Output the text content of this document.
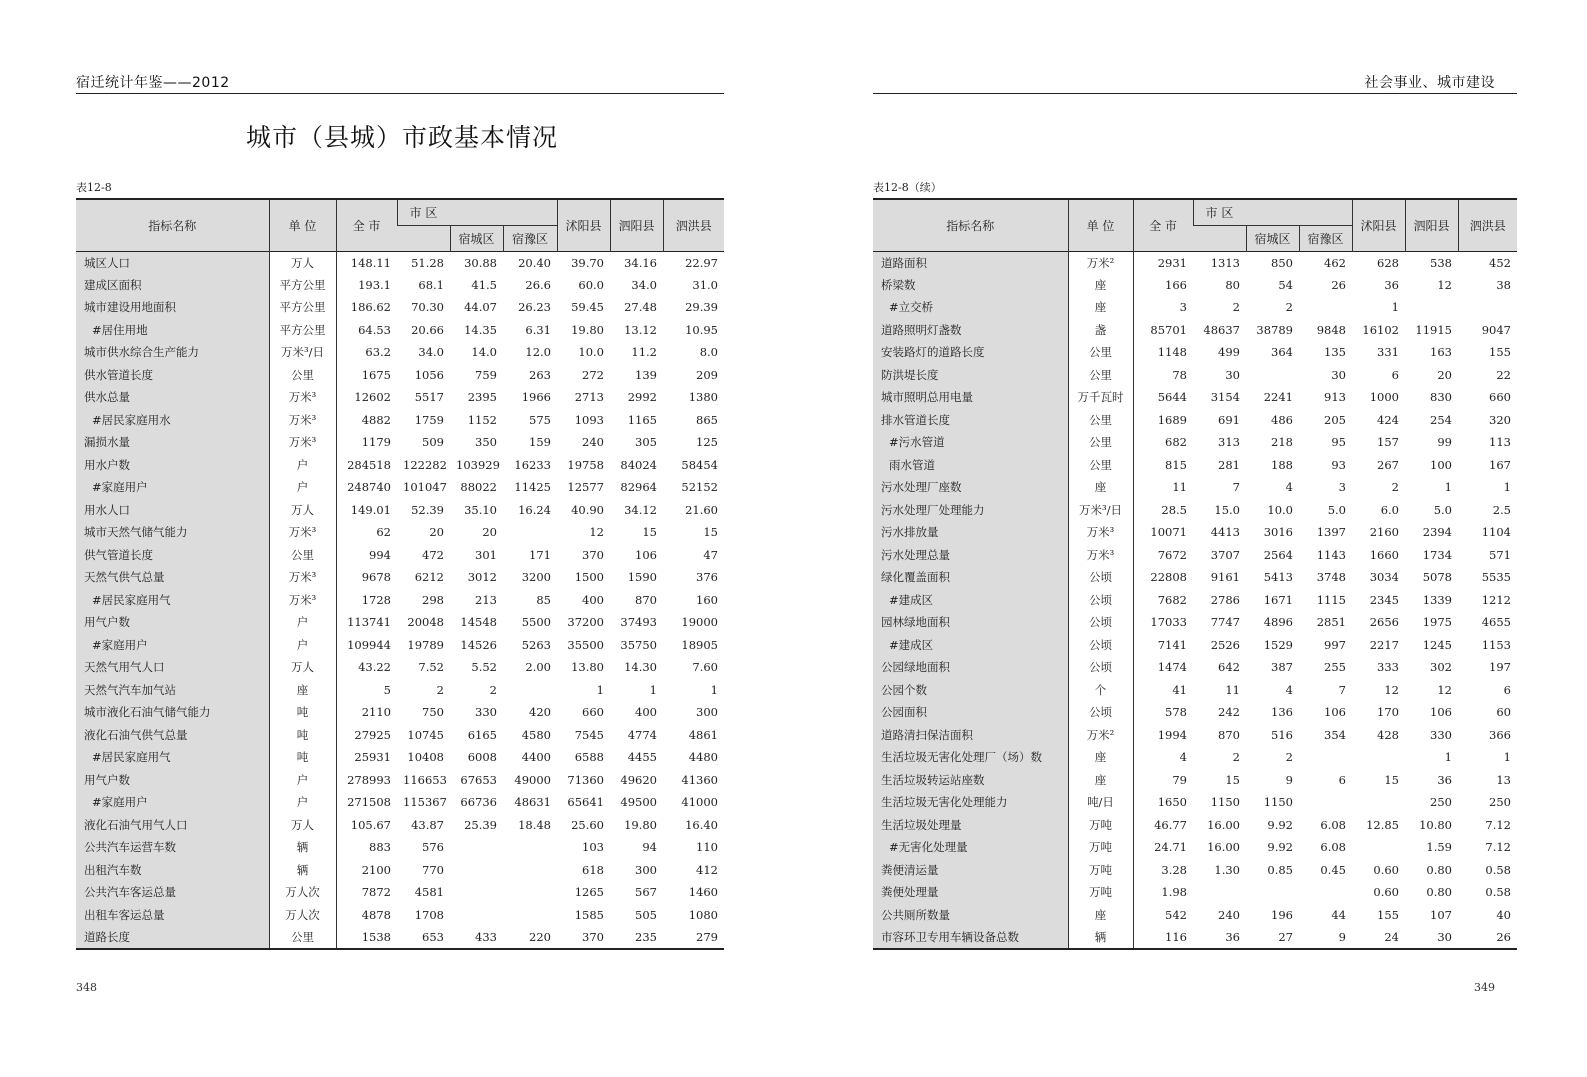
宿迁统计年鉴——2012
城市（县城）市政基本情况
表12-8
指标名称	单 位	全 市	市 区			沭阳县	泗阳县	泗洪县
				宿城区	宿豫区			
城区人口	万人	148.11	51.28	30.88	20.40	39.70	34.16	22.97
建成区面积	平方公里	193.1	68.1	41.5	26.6	60.0	34.0	31.0
城市建设用地面积	平方公里	186.62	70.30	44.07	26.23	59.45	27.48	29.39
#居住用地	平方公里	64.53	20.66	14.35	6.31	19.80	13.12	10.95
城市供水综合生产能力	万米³/日	63.2	34.0	14.0	12.0	10.0	11.2	8.0
供水管道长度	公里	1675	1056	759	263	272	139	209
供水总量	万米³	12602	5517	2395	1966	2713	2992	1380
#居民家庭用水	万米³	4882	1759	1152	575	1093	1165	865
漏损水量	万米³	1179	509	350	159	240	305	125
用水户数	户	284518	122282	103929	16233	19758	84024	58454
#家庭用户	户	248740	101047	88022	11425	12577	82964	52152
用水人口	万人	149.01	52.39	35.10	16.24	40.90	34.12	21.60
城市天然气储气能力	万米³	62	20	20		12	15	15
供气管道长度	公里	994	472	301	171	370	106	47
天然气供气总量	万米³	9678	6212	3012	3200	1500	1590	376
#居民家庭用气	万米³	1728	298	213	85	400	870	160
用气户数	户	113741	20048	14548	5500	37200	37493	19000
#家庭用户	户	109944	19789	14526	5263	35500	35750	18905
天然气用气人口	万人	43.22	7.52	5.52	2.00	13.80	14.30	7.60
天然气汽车加气站	座	5	2	2		1	1	1
城市液化石油气储气能力	吨	2110	750	330	420	660	400	300
液化石油气供气总量	吨	27925	10745	6165	4580	7545	4774	4861
#居民家庭用气	吨	25931	10408	6008	4400	6588	4455	4480
用气户数	户	278993	116653	67653	49000	71360	49620	41360
#家庭用户	户	271508	115367	66736	48631	65641	49500	41000
液化石油气用气人口	万人	105.67	43.87	25.39	18.48	25.60	19.80	16.40
公共汽车运营车数	辆	883	576			103	94	110
出租汽车数	辆	2100	770			618	300	412
公共汽车客运总量	万人次	7872	4581			1265	567	1460
出租车客运总量	万人次	4878	1708			1585	505	1080
道路长度	公里	1538	653	433	220	370	235	279
348
社会事业、城市建设
表12-8（续）
指标名称	单 位	全 市	市 区			沭阳县	泗阳县	泗洪县
				宿城区	宿豫区			
道路面积	万米²	2931	1313	850	462	628	538	452
桥梁数	座	166	80	54	26	36	12	38
#立交桥	座	3	2	2		1		
道路照明灯盏数	盏	85701	48637	38789	9848	16102	11915	9047
安装路灯的道路长度	公里	1148	499	364	135	331	163	155
防洪堤长度	公里	78	30		30	6	20	22
城市照明总用电量	万千瓦时	5644	3154	2241	913	1000	830	660
排水管道长度	公里	1689	691	486	205	424	254	320
#污水管道	公里	682	313	218	95	157	99	113
雨水管道	公里	815	281	188	93	267	100	167
污水处理厂座数	座	11	7	4	3	2	1	1
污水处理厂处理能力	万米³/日	28.5	15.0	10.0	5.0	6.0	5.0	2.5
污水排放量	万米³	10071	4413	3016	1397	2160	2394	1104
污水处理总量	万米³	7672	3707	2564	1143	1660	1734	571
绿化覆盖面积	公顷	22808	9161	5413	3748	3034	5078	5535
#建成区	公顷	7682	2786	1671	1115	2345	1339	1212
园林绿地面积	公顷	17033	7747	4896	2851	2656	1975	4655
#建成区	公顷	7141	2526	1529	997	2217	1245	1153
公园绿地面积	公顷	1474	642	387	255	333	302	197
公园个数	个	41	11	4	7	12	12	6
公园面积	公顷	578	242	136	106	170	106	60
道路清扫保洁面积	万米²	1994	870	516	354	428	330	366
生活垃圾无害化处理厂（场）数	座	4	2	2			1	1
生活垃圾转运站座数	座	79	15	9	6	15	36	13
生活垃圾无害化处理能力	吨/日	1650	1150	1150			250	250
生活垃圾处理量	万吨	46.77	16.00	9.92	6.08	12.85	10.80	7.12
#无害化处理量	万吨	24.71	16.00	9.92	6.08		1.59	7.12
粪便清运量	万吨	3.28	1.30	0.85	0.45	0.60	0.80	0.58
粪便处理量	万吨	1.98				0.60	0.80	0.58
公共厕所数量	座	542	240	196	44	155	107	40
市容环卫专用车辆设备总数	辆	116	36	27	9	24	30	26
349
